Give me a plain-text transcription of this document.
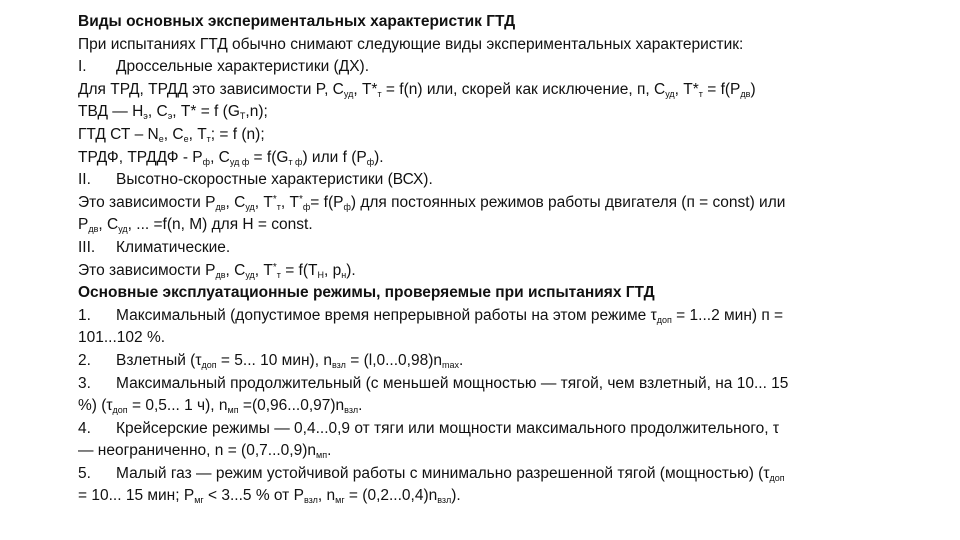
Виды основных экспериментальных характеристик ГТД
При испытаниях ГТД обычно снимают следующие виды экспериментальных характеристик:
I. Дроссельные характеристики (ДХ).
Для ТРД, ТРДД это зависимости P, $C_{уд}$, $T*_т = f(n)$ или, скорей как исключение, п, $C_{уд}$, $T*_т = f(P_{дв})$
ТВД — $Н_э$, $C_э$, T* = f $(G_Т,n)$;
ГТД СТ – $N_е$, $C_е$, $T_т$; = f (n);
ТРДФ, ТРДДФ - $Р_ф$, $С_{уд ф} = f(G_{т ф})$ или f $(Р_ф)$.
II. Высотно-скоростные характеристики (ВСХ).
Это зависимости $Р_{дв}$, $С_{уд}$, $Т^*_т$, $Т^*_ф= f(Р_ф)$ для постоянных режимов работы двигателя (п = const) или
$Р_{дв}$, $С_{уд}$, ... =f(n, M) для Н = const.
III. Климатические.
Это зависимости $Р_{дв}$, $С_{уд}$, $Т^*_т = f(Т_Н$, $р_н$).
Основные эксплуатационные режимы, проверяемые при испытаниях ГТД
1. Максимальный (допустимое время непрерывной работы на этом режиме $\tau_{доп} = 1...2$ мин) п =
101...102 %.
2. Взлетный ($\tau_{доп} = 5$... 10 мин), $n_{взл} = (l,0...0,98)n_{max}$.
3. Максимальный продолжительный (с меньшей мощностью — тягой, чем взлетный, на 10... 15
%) ($\tau_{доп} = 0,5$... 1 ч), $n_{мп} =(0,96...0,97)n_{взл}$.
4. Крейсерские режимы — 0,4...0,9 от тяги или мощности максимального продолжительного, τ
— неограниченно, $n = (0,7...0,9)n_{мп}$.
5. Малый газ — режим устойчивой работы с минимально разрешенной тягой (мощностью) ($\tau_{доп}$
= 10... 15 мин; $Р_{мг} < 3...5$ % от $Р_{взл}$, $n_{мг} = (0,2...0,4)n_{взл}$).
